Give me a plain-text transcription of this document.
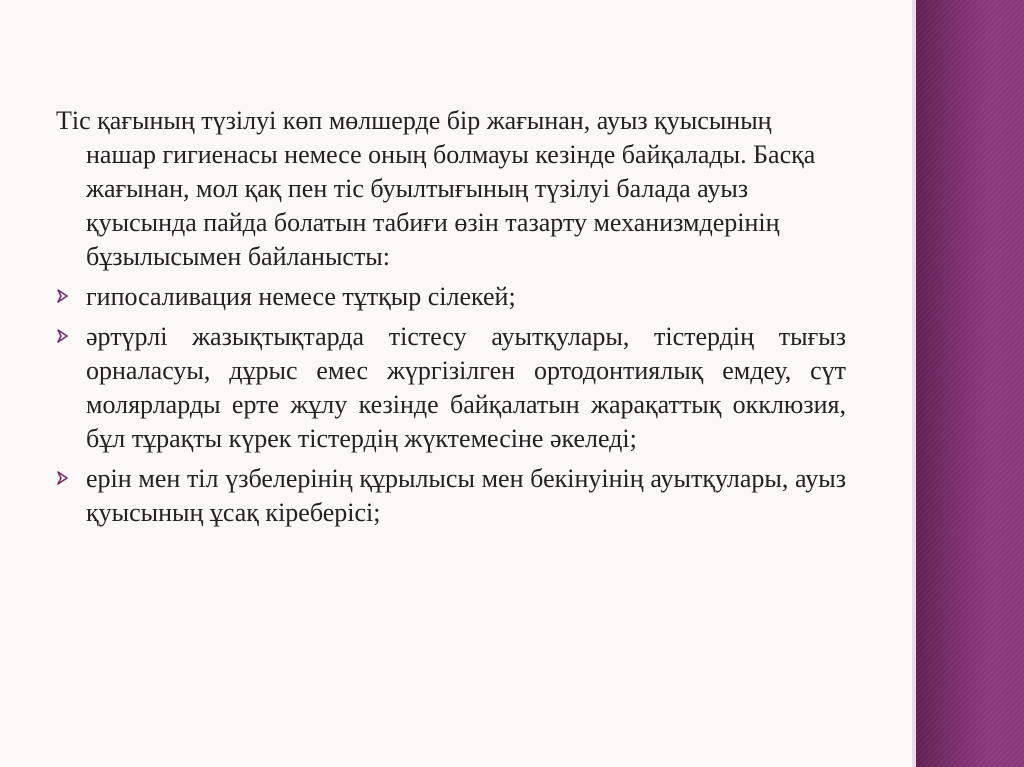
Тіс қағының түзілуі көп мөлшерде бір жағынан, ауыз қуысының нашар гигиенасы немесе оның болмауы кезінде байқалады. Басқа жағынан, мол қақ пен тіс буылтығының түзілуі балада ауыз қуысында пайда болатын табиғи өзін тазарту механизмдерінің бұзылысымен байланысты:

гипосаливация немесе тұтқыр сілекей;
әртүрлі жазықтықтарда тістесу ауытқулары, тістердің тығыз орналасуы, дұрыс емес жүргізілген ортодонтиялық емдеу, сүт молярларды ерте жұлу кезінде байқалатын жарақаттық окклюзия, бұл тұрақты күрек тістердің жүктемесіне әкеледі;
ерін мен тіл үзбелерінің құрылысы мен бекінуінің ауытқулары, ауыз қуысының ұсақ кіреберісі;
